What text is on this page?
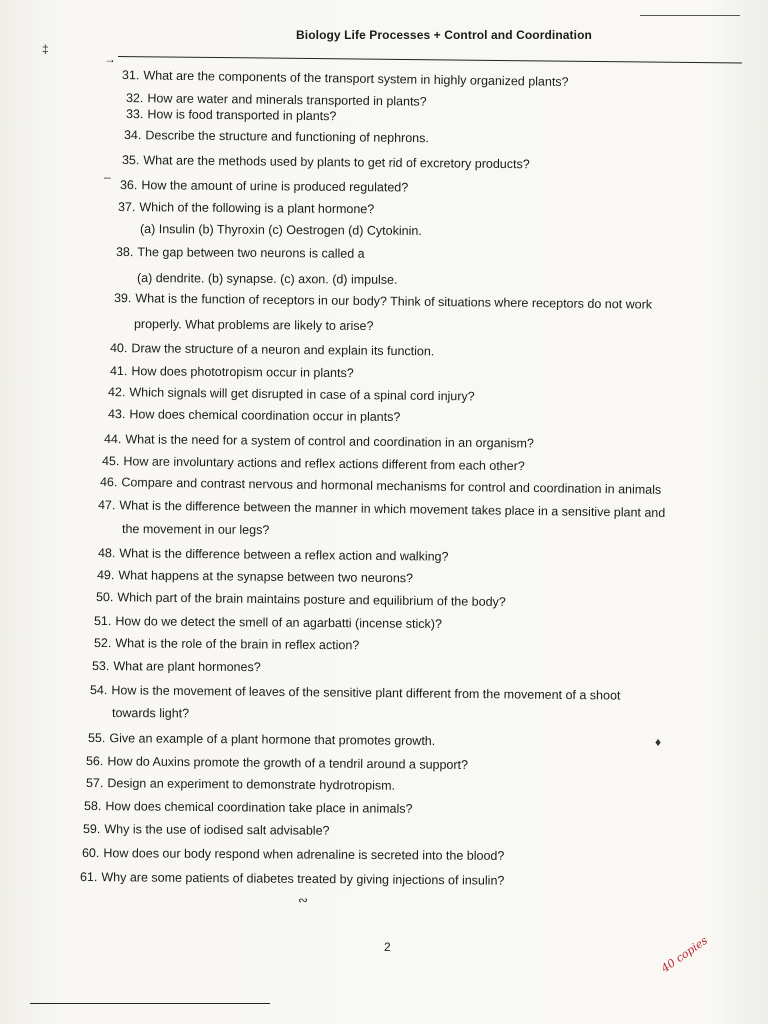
Biology Life Processes + Control and Coordination
‡
→
–
♦
∾
31. What are the components of the transport system in highly organized plants?
32. How are water and minerals transported in plants?
33. How is food transported in plants?
34. Describe the structure and functioning of nephrons.
35. What are the methods used by plants to get rid of excretory products?
36. How the amount of urine is produced regulated?
37. Which of the following is a plant hormone?
(a) Insulin (b) Thyroxin (c) Oestrogen (d) Cytokinin.
38. The gap between two neurons is called a
(a) dendrite. (b) synapse. (c) axon. (d) impulse.
39. What is the function of receptors in our body? Think of situations where receptors do not work
properly. What problems are likely to arise?
40. Draw the structure of a neuron and explain its function.
41. How does phototropism occur in plants?
42. Which signals will get disrupted in case of a spinal cord injury?
43. How does chemical coordination occur in plants?
44. What is the need for a system of control and coordination in an organism?
45. How are involuntary actions and reflex actions different from each other?
46. Compare and contrast nervous and hormonal mechanisms for control and coordination in animals
47. What is the difference between the manner in which movement takes place in a sensitive plant and
the movement in our legs?
48. What is the difference between a reflex action and walking?
49. What happens at the synapse between two neurons?
50. Which part of the brain maintains posture and equilibrium of the body?
51. How do we detect the smell of an agarbatti (incense stick)?
52. What is the role of the brain in reflex action?
53. What are plant hormones?
54. How is the movement of leaves of the sensitive plant different from the movement of a shoot
towards light?
55. Give an example of a plant hormone that promotes growth.
56. How do Auxins promote the growth of a tendril around a support?
57. Design an experiment to demonstrate hydrotropism.
58. How does chemical coordination take place in animals?
59. Why is the use of iodised salt advisable?
60. How does our body respond when adrenaline is secreted into the blood?
61. Why are some patients of diabetes treated by giving injections of insulin?
2	40 copies
